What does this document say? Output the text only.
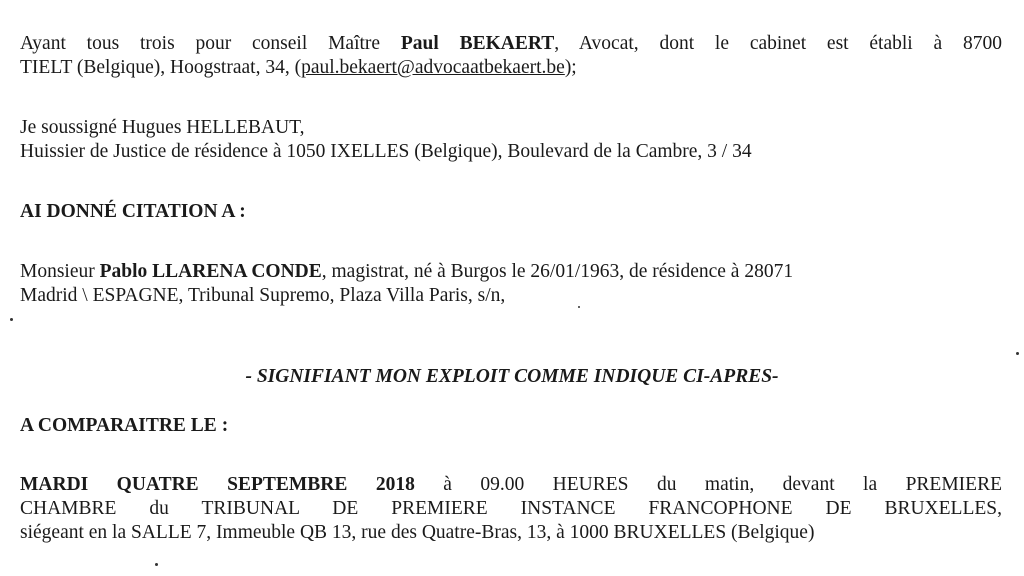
Ayant tous trois pour conseil Maître Paul BEKAERT, Avocat, dont le cabinet est établi à 8700
TIELT (Belgique), Hoogstraat, 34, (paul.bekaert@advocaatbekaert.be);
Je soussigné Hugues HELLEBAUT,
Huissier de Justice de résidence à 1050 IXELLES (Belgique), Boulevard de la Cambre, 3 / 34
AI DONNÉ CITATION A :
Monsieur Pablo LLARENA CONDE, magistrat, né à Burgos le 26/01/1963, de résidence à 28071
Madrid \ ESPAGNE, Tribunal Supremo, Plaza Villa Paris, s/n,
- SIGNIFIANT MON EXPLOIT COMME INDIQUE CI-APRES-
A COMPARAITRE LE :
MARDI QUATRE SEPTEMBRE 2018 à 09.00 HEURES du matin, devant la PREMIERE
CHAMBRE du TRIBUNAL DE PREMIERE INSTANCE FRANCOPHONE DE BRUXELLES,
siégeant en la SALLE 7, Immeuble QB 13, rue des Quatre-Bras, 13, à 1000 BRUXELLES (Belgique)
